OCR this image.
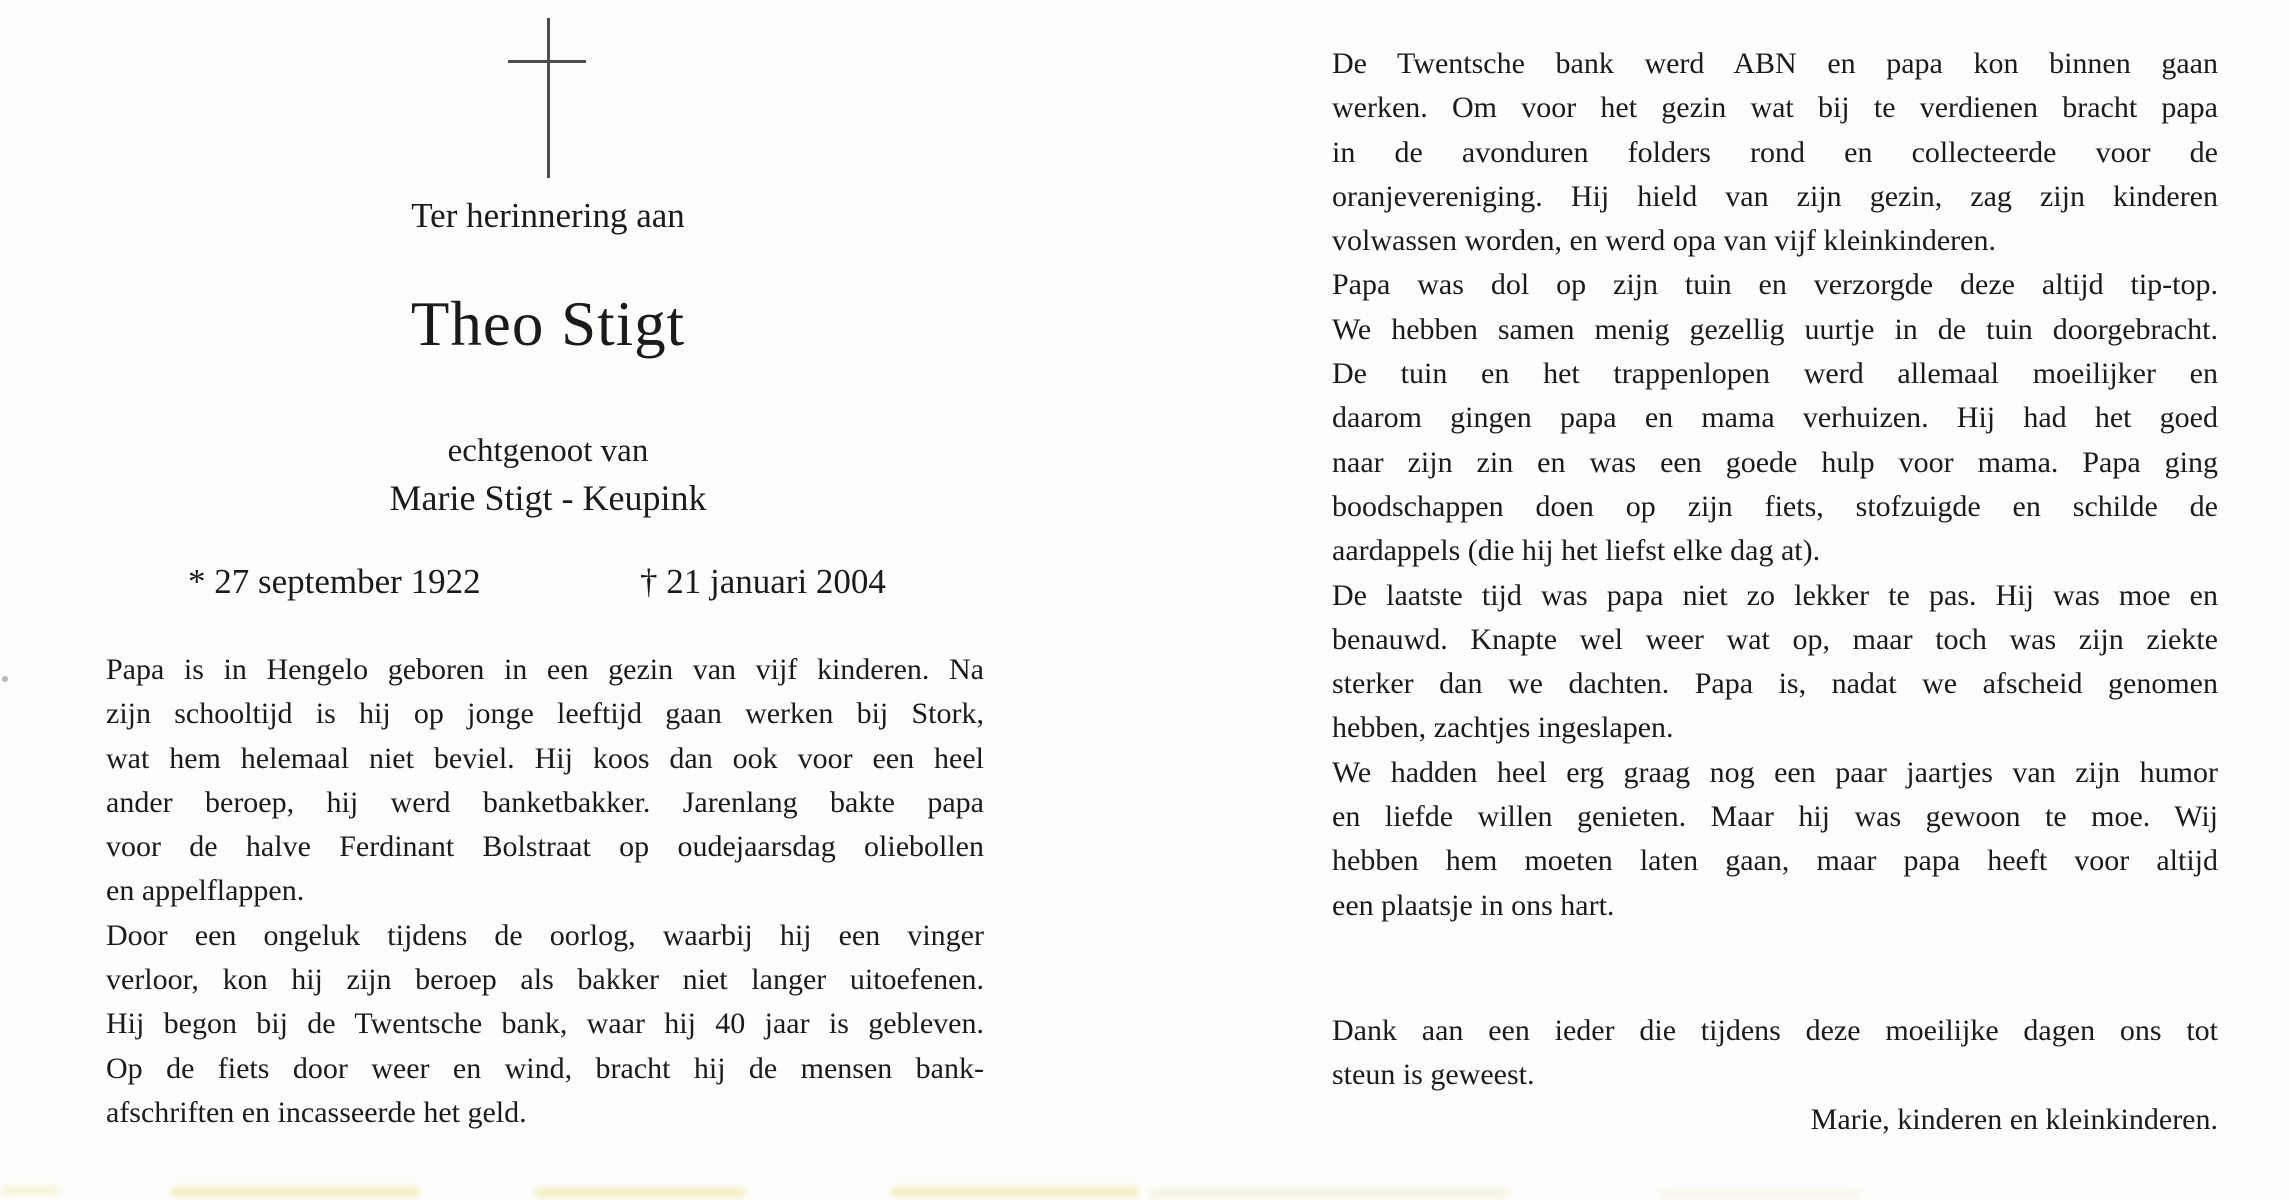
Ter herinnering aan
Theo Stigt
echtgenoot van
Marie Stigt - Keupink
* 27 september 1922	† 21 januari 2004
Papa is in Hengelo geboren in een gezin van vijf kinderen. Na
zijn schooltijd is hij op jonge leeftijd gaan werken bij Stork,
wat hem helemaal niet beviel. Hij koos dan ook voor een heel
ander beroep, hij werd banketbakker. Jarenlang bakte papa
voor de halve Ferdinant Bolstraat op oudejaarsdag oliebollen
en appelflappen.
Door een ongeluk tijdens de oorlog, waarbij hij een vinger
verloor, kon hij zijn beroep als bakker niet langer uitoefenen.
Hij begon bij de Twentsche bank, waar hij 40 jaar is gebleven.
Op de fiets door weer en wind, bracht hij de mensen bank-
afschriften en incasseerde het geld.
De Twentsche bank werd ABN en papa kon binnen gaan
werken. Om voor het gezin wat bij te verdienen bracht papa
in de avonduren folders rond en collecteerde voor de
oranjevereniging. Hij hield van zijn gezin, zag zijn kinderen
volwassen worden, en werd opa van vijf kleinkinderen.
Papa was dol op zijn tuin en verzorgde deze altijd tip-top.
We hebben samen menig gezellig uurtje in de tuin doorgebracht.
De tuin en het trappenlopen werd allemaal moeilijker en
daarom gingen papa en mama verhuizen. Hij had het goed
naar zijn zin en was een goede hulp voor mama. Papa ging
boodschappen doen op zijn fiets, stofzuigde en schilde de
aardappels (die hij het liefst elke dag at).
De laatste tijd was papa niet zo lekker te pas. Hij was moe en
benauwd. Knapte wel weer wat op, maar toch was zijn ziekte
sterker dan we dachten. Papa is, nadat we afscheid genomen
hebben, zachtjes ingeslapen.
We hadden heel erg graag nog een paar jaartjes van zijn humor
en liefde willen genieten. Maar hij was gewoon te moe. Wij
hebben hem moeten laten gaan, maar papa heeft voor altijd
een plaatsje in ons hart.
Dank aan een ieder die tijdens deze moeilijke dagen ons tot
steun is geweest.
Marie, kinderen en kleinkinderen.
